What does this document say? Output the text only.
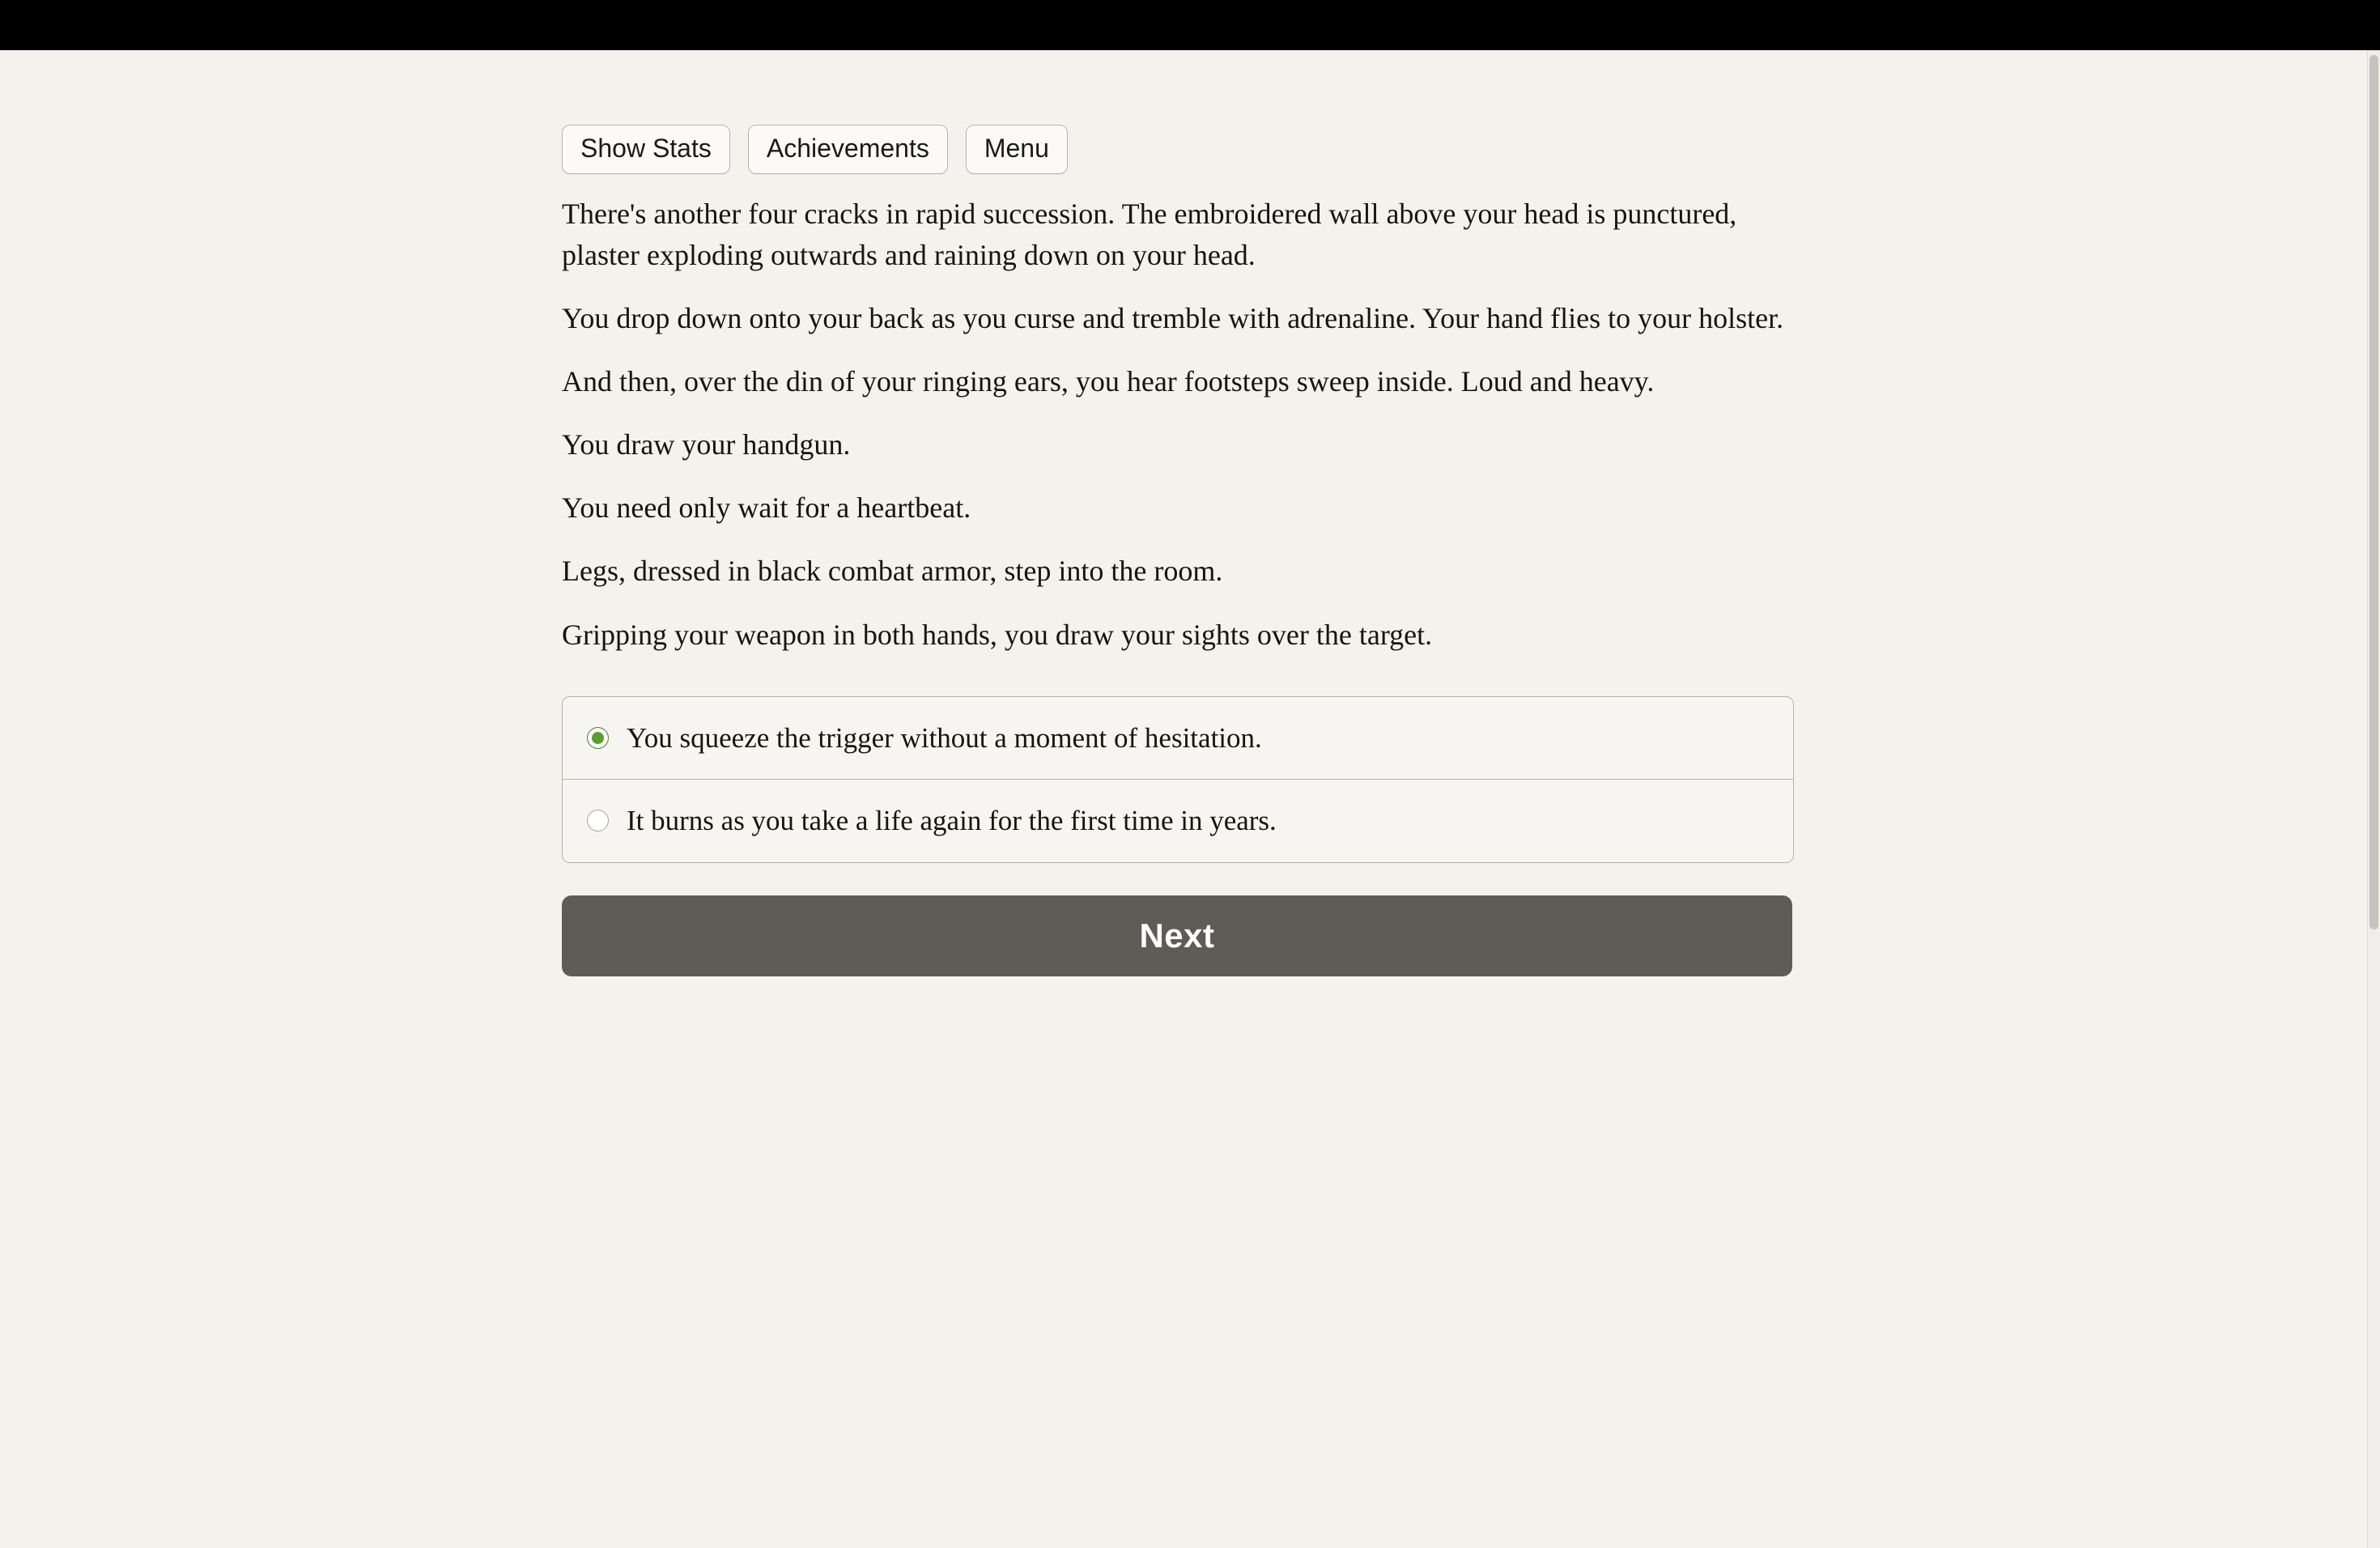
Show Stats	Achievements	Menu

There's another four cracks in rapid succession. The embroidered wall above your head is punctured, plaster exploding outwards and raining down on your head.

You drop down onto your back as you curse and tremble with adrenaline. Your hand flies to your holster.

And then, over the din of your ringing ears, you hear footsteps sweep inside. Loud and heavy.

You draw your handgun.

You need only wait for a heartbeat.

Legs, dressed in black combat armor, step into the room.

Gripping your weapon in both hands, you draw your sights over the target.

You squeeze the trigger without a moment of hesitation.
It burns as you take a life again for the first time in years.
Next
